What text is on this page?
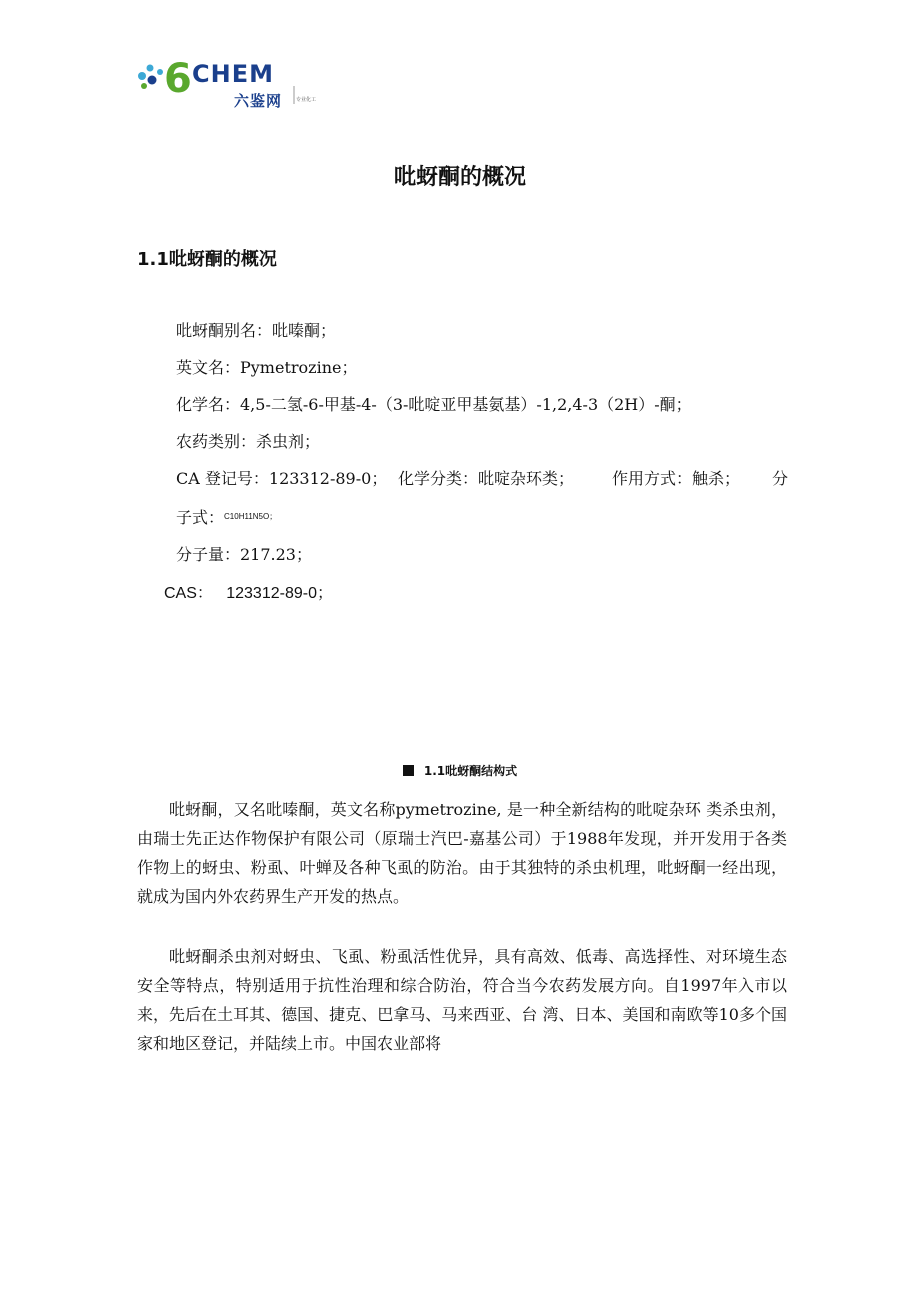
6 CHEM
六鉴网	专业化工
吡蚜酮的概况
1.1吡蚜酮的概况
吡蚜酮别名：吡嗪酮；
英文名：Pymetrozine；
化学名：4,5-二氢-6-甲基-4-（3-吡啶亚甲基氨基）-1,2,4-3（2H）-酮；
农药类别：杀虫剂；
CA 登记号：123312-89-0； 化学分类：吡啶杂环类； 作用方式：触杀； 分
子式：$^{C10H11N5O;}$
分子量：217.23；
CAS：   123312-89-0；
1.1吡蚜酮结构式

吡蚜酮，又名吡嗪酮，英文名称pymetrozine, 是一种全新结构的吡啶杂环 类杀虫剂，由瑞士先正达作物保护有限公司（原瑞士汽巴-嘉基公司）于1988年发现，并开发用于各类作物上的蚜虫、粉虱、叶蝉及各种飞虱的防治。由于其独特的杀虫机理，吡蚜酮一经出现，就成为国内外农药界生产开发的热点。

吡蚜酮杀虫剂对蚜虫、飞虱、粉虱活性优异，具有高效、低毒、高选择性、对环境生态安全等特点，特别适用于抗性治理和综合防治，符合当今农药发展方向。自1997年入市以来，先后在土耳其、德国、捷克、巴拿马、马来西亚、台 湾、日本、美国和南欧等10多个国家和地区登记，并陆续上市。中国农业部将
